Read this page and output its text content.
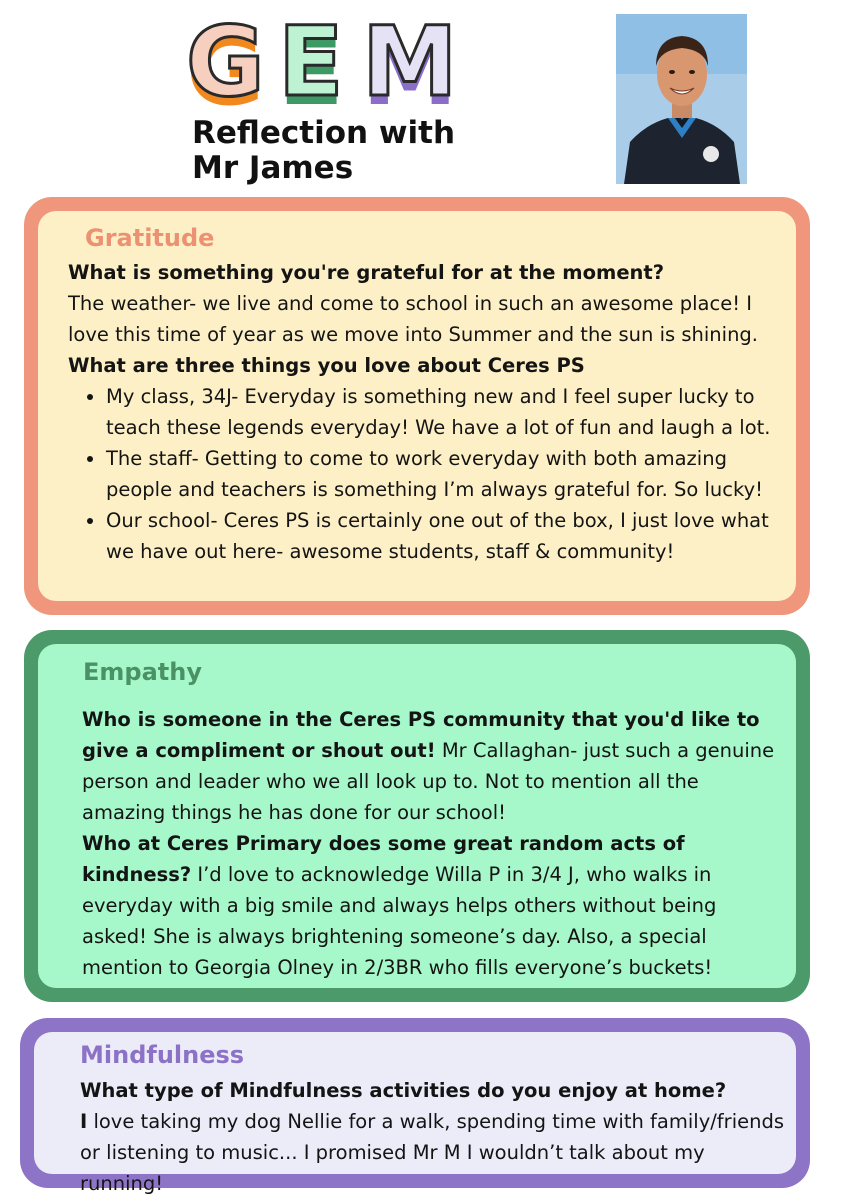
G E M
Reflection with
Mr James
Gratitude
What is something you're grateful for at the moment?
The weather- we live and come to school in such an awesome place! I love this time of year as we move into Summer and the sun is shining.
What are three things you love about Ceres PS
• My class, 34J- Everyday is something new and I feel super lucky to teach these legends everyday! We have a lot of fun and laugh a lot.
• The staff- Getting to come to work everyday with both amazing people and teachers is something I’m always grateful for. So lucky!
• Our school- Ceres PS is certainly one out of the box, I just love what we have out here- awesome students, staff & community!
Empathy
Who is someone in the Ceres PS community that you'd like to give a compliment or shout out! Mr Callaghan- just such a genuine person and leader who we all look up to. Not to mention all the amazing things he has done for our school!
Who at Ceres Primary does some great random acts of kindness? I’d love to acknowledge Willa P in 3/4 J, who walks in everyday with a big smile and always helps others without being asked! She is always brightening someone’s day. Also, a special mention to Georgia Olney in 2/3BR who fills everyone’s buckets!
Mindfulness
What type of Mindfulness activities do you enjoy at home?
I love taking my dog Nellie for a walk, spending time with family/friends or listening to music... I promised Mr M I wouldn’t talk about my running!
